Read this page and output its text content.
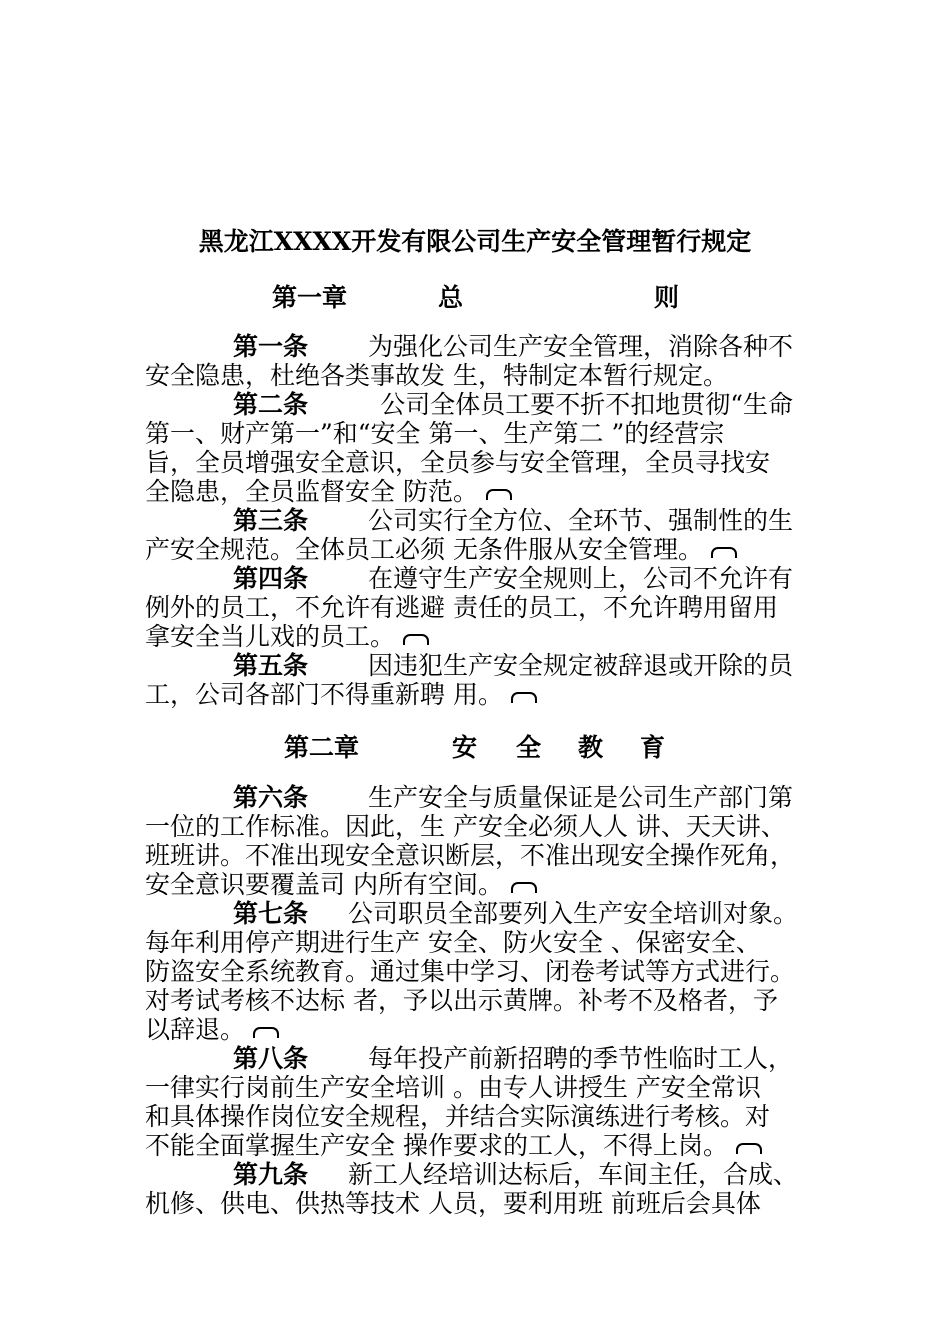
黑龙江XXXX开发有限公司生产安全管理暂行规定
第一章	总	则
第一条 为强化公司生产安全管理，消除各种不
安全隐患，杜绝各类事故发 生，特制定本暂行规定。
第二条	公司全体员工要不折不扣地贯彻“生命
第一、财产第一”和“安全 第一、生产第二 ”的经营宗
旨，全员增强安全意识，全员参与安全管理，全员寻找安
全隐患，全员监督安全 防范。
第三条 公司实行全方位、全环节、强制性的生
产安全规范。全体员工必须 无条件服从安全管理。
第四条 在遵守生产安全规则上，公司不允许有
例外的员工，不允许有逃避 责任的员工，不允许聘用留用
拿安全当儿戏的员工。
第五条 因违犯生产安全规定被辞退或开除的员
工，公司各部门不得重新聘 用。
第二章	安 全 教 育
第六条 生产安全与质量保证是公司生产部门第
一位的工作标准。因此，生 产安全必须人人 讲、天天讲、
班班讲。不准出现安全意识断层，不准出现安全操作死角，
安全意识要覆盖司 内所有空间。
第七条 公司职员全部要列入生产安全培训对象。
每年利用停产期进行生产 安全、防火安全 、保密安全、
防盗安全系统教育。通过集中学习、闭卷考试等方式进行。
对考试考核不达标 者，予以出示黄牌。补考不及格者，予
以辞退。
第八条 每年投产前新招聘的季节性临时工人，
一律实行岗前生产安全培训 。由专人讲授生 产安全常识
和具体操作岗位安全规程，并结合实际演练进行考核。对
不能全面掌握生产安全 操作要求的工人，不得上岗。
第九条 新工人经培训达标后，车间主任，合成、
机修、供电、供热等技术 人员，要利用班 前班后会具体
